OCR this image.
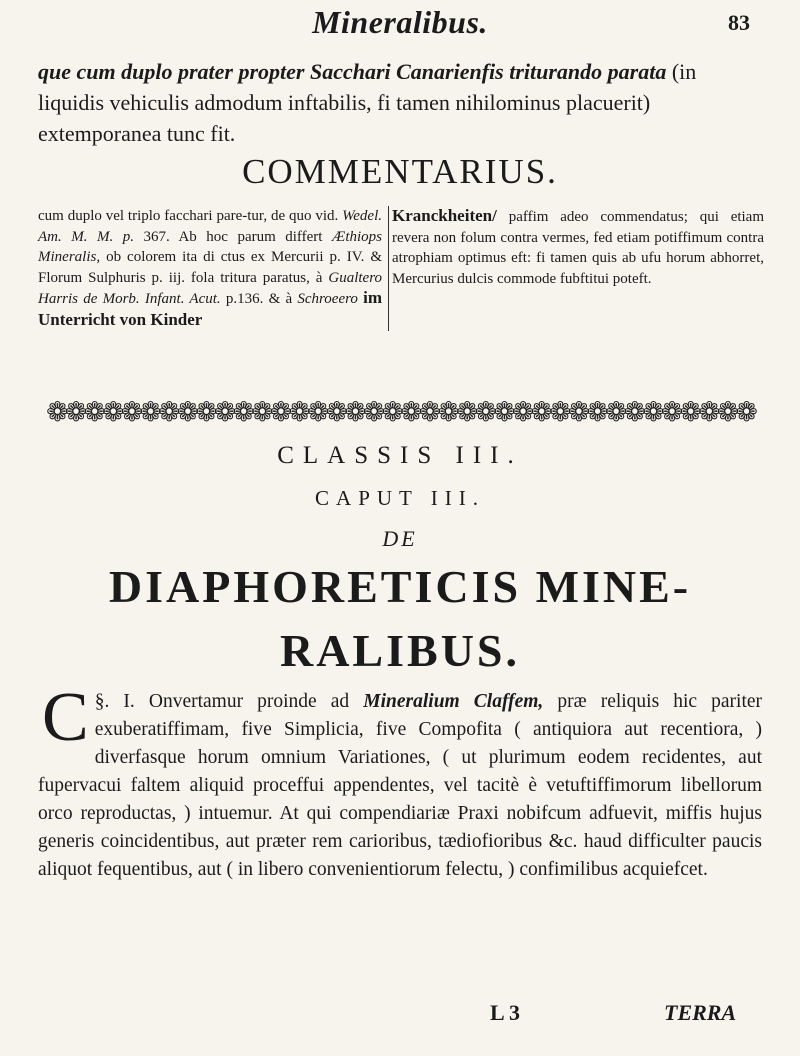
Mineralibus.	83
que cum duplo prater propter Sacchari Canarienfis triturando parata (in liquidis vehiculis admodum inftabilis, fi tamen nihilominus placuerit) extemporanea tunc fit.
COMMENTARIUS.
cum duplo vel triplo facchari pare-tur, de quo vid. Wedel. Am. M. M. p. 367. Ab hoc parum differt Æthiops Mineralis, ob colorem ita di ctus ex Mercurii p. IV. & Florum Sulphuris p. iij. fola tritura paratus, à Gualtero Harris de Morb. Infant. Acut. p.136. & à Schroeero im Unterricht von Kinder
Kranckheiten/ paffim adeo commendatus; qui etiam revera non folum contra vermes, fed etiam potiffimum contra atrophiam optimus eft: fi tamen quis ab ufu horum abhorret, Mercurius dulcis commode fubftitui poteft.
❁❁❁❁❁❁❁❁❁❁❁❁❁❁❁❁❁❁❁❁❁❁❁❁❁❁❁❁❁❁❁❁❁❁❁❁❁❁
CLASSIS III.
CAPUT III.
DE
DIAPHORETICIS MINE-
RALIBUS.
§. I.
C	Onvertamur proinde ad Mineralium Claffem, præ reliquis hic pariter exuberatiffimam, five Simplicia, five Compofita ( antiquiora aut recentiora, ) diverfasque horum omnium Variationes, ( ut plurimum eodem recidentes, aut fupervacui faltem aliquid proceffui appendentes, vel tacitè è vetuftiffimorum libellorum orco reproductas, ) intuemur. At qui compendiariæ Praxi nobifcum adfuevit, miffis hujus generis coincidentibus, aut præter rem carioribus, tædiofioribus &c. haud difficulter paucis aliquot fequentibus, aut ( in libero convenientiorum felectu, ) confimilibus acquiefcet.
L 3	TERRA
